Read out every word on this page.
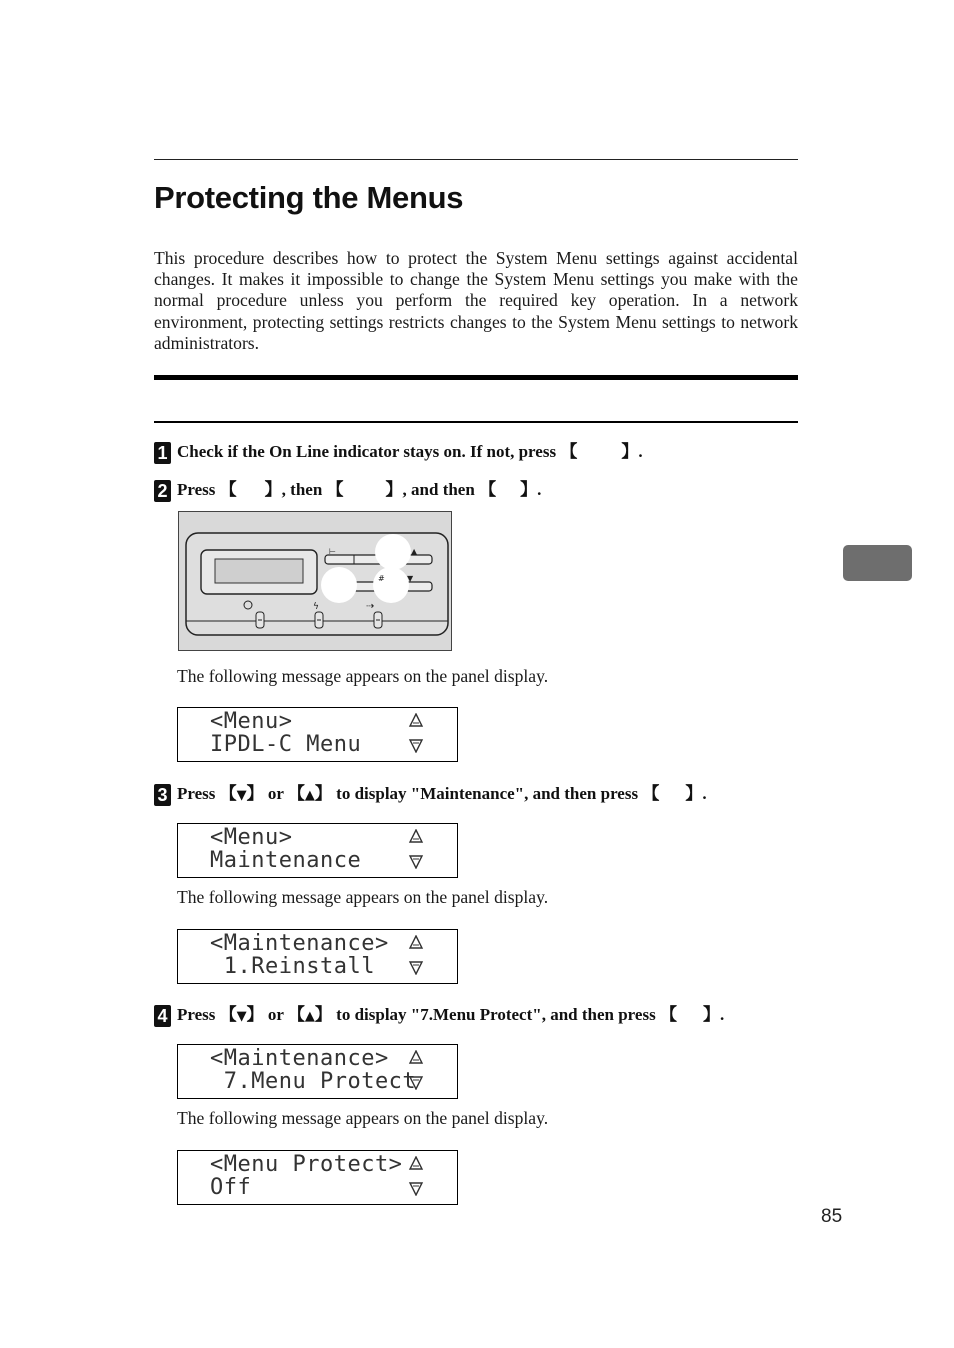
Protecting the Menus

This procedure describes how to protect the System Menu settings against accidental changes. It makes it impossible to change the System Menu settings you make with the normal procedure unless you perform the required key operation. In a network environment, protecting settings restricts changes to the System Menu settings to network administrators.

1 Check if the On Line indicator stays on. If not, press 【	】.
2 Press 【 】, then 【 】, and then 【 】.
▲
▼
⊢
#
ϟ	⇢
The following message appears on the panel display.
<Menu>
IPDL-C Menu
3 Press 【▼】 or 【▲】 to display "Maintenance", and then press 【 】.
<Menu>
Maintenance
The following message appears on the panel display.
<Maintenance>
1.Reinstall
4 Press 【▼】 or 【▲】 to display "7.Menu Protect", and then press 【 】.
<Maintenance>
7.Menu Protect
The following message appears on the panel display.
<Menu Protect>
Off
85
